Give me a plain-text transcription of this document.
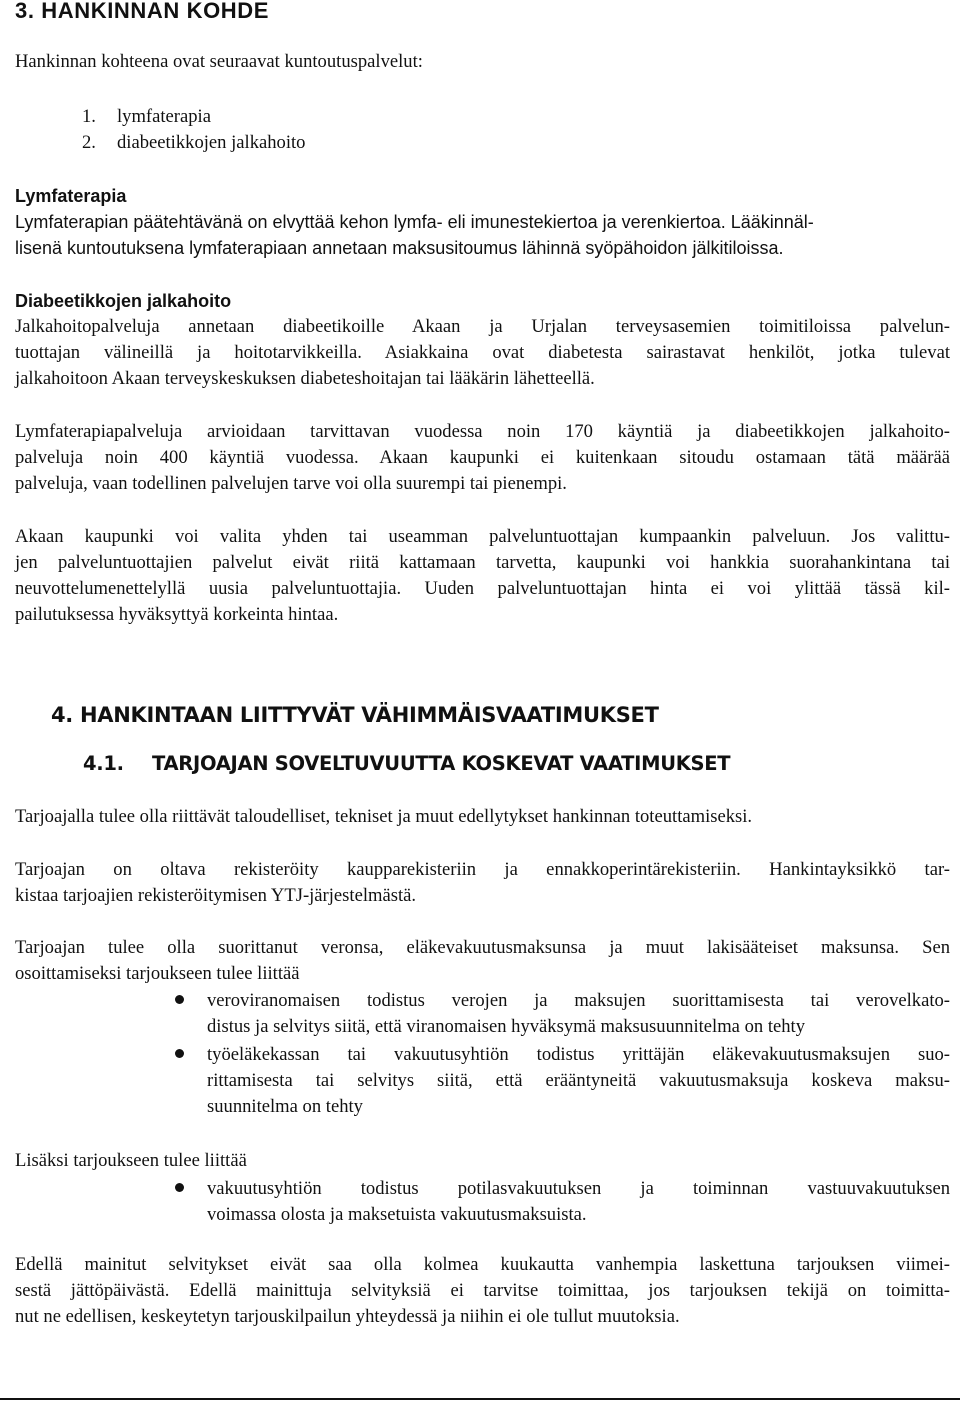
3. HANKINNAN KOHDE
Hankinnan kohteena ovat seuraavat kuntoutuspalvelut:
1. lymfaterapia
2. diabeetikkojen jalkahoito
Lymfaterapia
Lymfaterapian päätehtävänä on elvyttää kehon lymfa- eli imunestekiertoa ja verenkiertoa. Lääkinnäl-
lisenä kuntoutuksena lymfaterapiaan annetaan maksusitoumus lähinnä syöpähoidon jälkitiloissa.
Diabeetikkojen jalkahoito
Jalkahoitopalveluja annetaan diabeetikoille Akaan ja Urjalan terveysasemien toimitiloissa palvelun-
tuottajan välineillä ja hoitotarvikkeilla. Asiakkaina ovat diabetesta sairastavat henkilöt, jotka tulevat
jalkahoitoon Akaan terveyskeskuksen diabeteshoitajan tai lääkärin lähetteellä.
Lymfaterapiapalveluja arvioidaan tarvittavan vuodessa noin 170 käyntiä ja diabeetikkojen jalkahoito-
palveluja noin 400 käyntiä vuodessa. Akaan kaupunki ei kuitenkaan sitoudu ostamaan tätä määrää
palveluja, vaan todellinen palvelujen tarve voi olla suurempi tai pienempi.
Akaan kaupunki voi valita yhden tai useamman palveluntuottajan kumpaankin palveluun. Jos valittu-
jen palveluntuottajien palvelut eivät riitä kattamaan tarvetta, kaupunki voi hankkia suorahankintana tai
neuvottelumenettelyllä uusia palveluntuottajia. Uuden palveluntuottajan hinta ei voi ylittää tässä kil-
pailutuksessa hyväksyttyä korkeinta hintaa.
4. HANKINTAAN LIITTYVÄT VÄHIMMÄISVAATIMUKSET
4.1. TARJOAJAN SOVELTUVUUTTA KOSKEVAT VAATIMUKSET
Tarjoajalla tulee olla riittävät taloudelliset, tekniset ja muut edellytykset hankinnan toteuttamiseksi.
Tarjoajan on oltava rekisteröity kaupparekisteriin ja ennakkoperintärekisteriin. Hankintayksikkö tar-
kistaa tarjoajien rekisteröitymisen YTJ-järjestelmästä.
Tarjoajan tulee olla suorittanut veronsa, eläkevakuutusmaksunsa ja muut lakisääteiset maksunsa. Sen
osoittamiseksi tarjoukseen tulee liittää
veroviranomaisen todistus verojen ja maksujen suorittamisesta tai verovelkato-
distus ja selvitys siitä, että viranomaisen hyväksymä maksusuunnitelma on tehty
työeläkekassan tai vakuutusyhtiön todistus yrittäjän eläkevakuutusmaksujen suo-
rittamisesta tai selvitys siitä, että erääntyneitä vakuutusmaksuja koskeva maksu-
suunnitelma on tehty
Lisäksi tarjoukseen tulee liittää
vakuutusyhtiön todistus potilasvakuutuksen ja toiminnan vastuuvakuutuksen
voimassa olosta ja maksetuista vakuutusmaksuista.
Edellä mainitut selvitykset eivät saa olla kolmea kuukautta vanhempia laskettuna tarjouksen viimei-
sestä jättöpäivästä. Edellä mainittuja selvityksiä ei tarvitse toimittaa, jos tarjouksen tekijä on toimitta-
nut ne edellisen, keskeytetyn tarjouskilpailun yhteydessä ja niihin ei ole tullut muutoksia.
